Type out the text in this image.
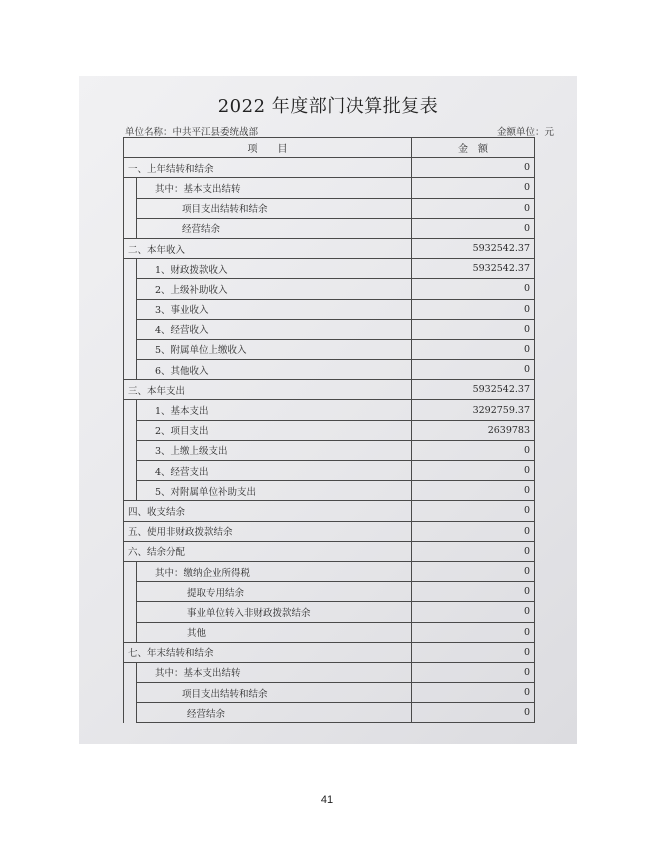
2022 年度部门决算批复表
单位名称：中共平江县委统战部	金额单位：元
项　　目		金　额
一、上年结转和结余		0
	其中：基本支出结转	0
	项目支出结转和结余	0
	经营结余	0
二、本年收入		5932542.37
	1、财政拨款收入	5932542.37
	2、上级补助收入	0
	3、事业收入	0
	4、经营收入	0
	5、附属单位上缴收入	0
	6、其他收入	0
三、本年支出		5932542.37
	1、基本支出	3292759.37
	2、项目支出	2639783
	3、上缴上级支出	0
	4、经营支出	0
	5、对附属单位补助支出	0
四、收支结余		0
五、使用非财政拨款结余		0
六、结余分配		0
	其中：缴纳企业所得税	0
	提取专用结余	0
	事业单位转入非财政拨款结余	0
	其他	0
七、年末结转和结余		0
	其中：基本支出结转	0
	项目支出结转和结余	0
	经营结余	0
41
